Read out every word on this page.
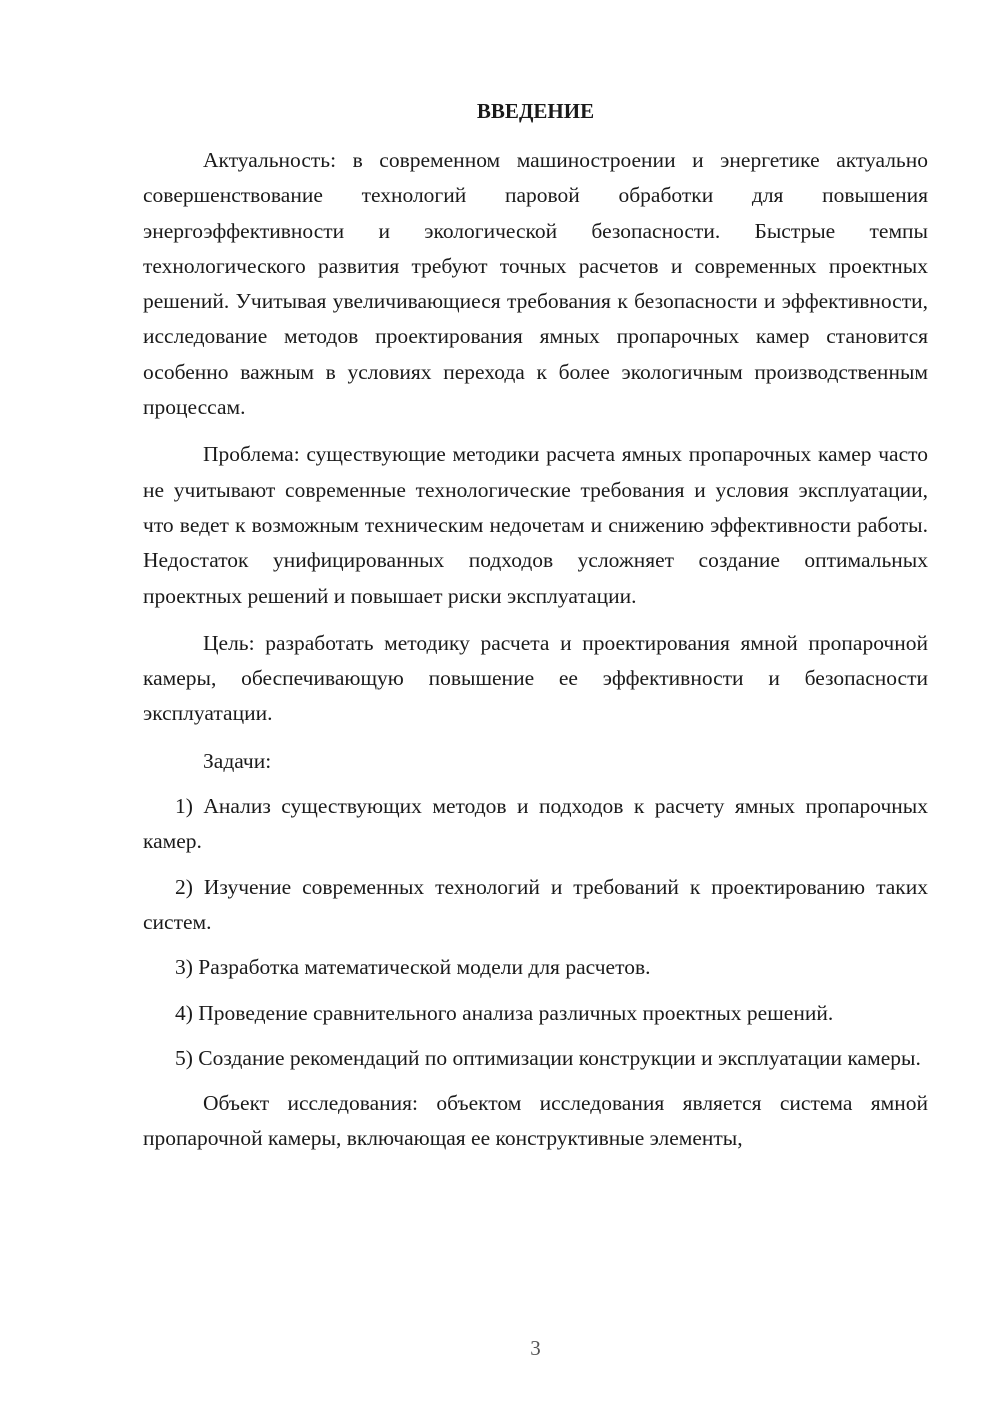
ВВЕДЕНИЕ

Актуальность: в современном машиностроении и энергетике актуально совершенствование технологий паровой обработки для повышения энергоэффективности и экологической безопасности. Быстрые темпы технологического развития требуют точных расчетов и современных проектных решений. Учитывая увеличивающиеся требования к безопасности и эффективности, исследование методов проектирования ямных пропарочных камер становится особенно важным в условиях перехода к более экологичным производственным процессам.

Проблема: существующие методики расчета ямных пропарочных камер часто не учитывают современные технологические требования и условия эксплуатации, что ведет к возможным техническим недочетам и снижению эффективности работы. Недостаток унифицированных подходов усложняет создание оптимальных проектных решений и повышает риски эксплуатации.

Цель: разработать методику расчета и проектирования ямной пропарочной камеры, обеспечивающую повышение ее эффективности и безопасности эксплуатации.

Задачи:

1) Анализ существующих методов и подходов к расчету ямных пропарочных камер.

2) Изучение современных технологий и требований к проектированию таких систем.

3) Разработка математической модели для расчетов.

4) Проведение сравнительного анализа различных проектных решений.

5) Создание рекомендаций по оптимизации конструкции и эксплуатации камеры.

Объект исследования: объектом исследования является система ямной пропарочной камеры, включающая ее конструктивные элементы,

3
